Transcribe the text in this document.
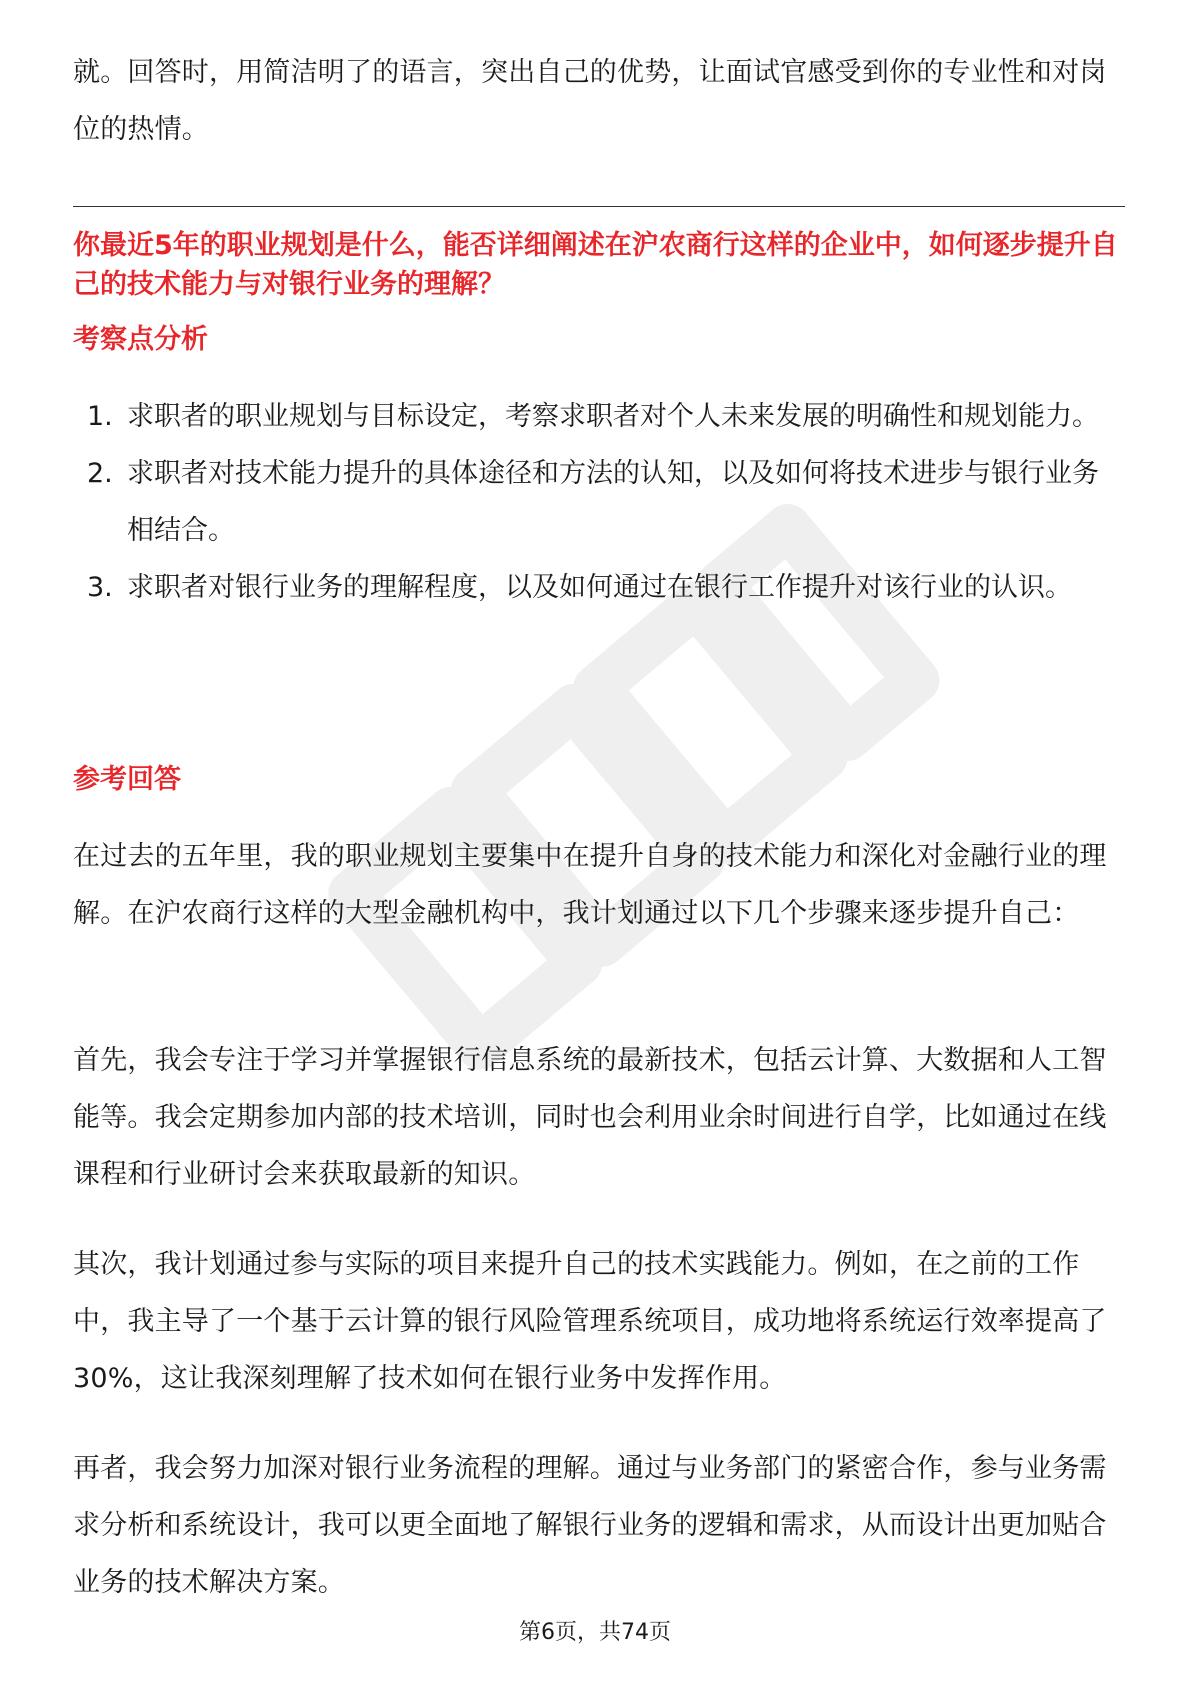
就。回答时，用简洁明了的语言，突出自己的优势，让面试官感受到你的专业性和对岗位的热情。

你最近5年的职业规划是什么，能否详细阐述在沪农商行这样的企业中，如何逐步提升自己的技术能力与对银行业务的理解？
考察点分析
1. 求职者的职业规划与目标设定，考察求职者对个人未来发展的明确性和规划能力。
2. 求职者对技术能力提升的具体途径和方法的认知，以及如何将技术进步与银行业务相结合。
3. 求职者对银行业务的理解程度，以及如何通过在银行工作提升对该行业的认识。
参考回答

在过去的五年里，我的职业规划主要集中在提升自身的技术能力和深化对金融行业的理解。在沪农商行这样的大型金融机构中，我计划通过以下几个步骤来逐步提升自己：

首先，我会专注于学习并掌握银行信息系统的最新技术，包括云计算、大数据和人工智能等。我会定期参加内部的技术培训，同时也会利用业余时间进行自学，比如通过在线课程和行业研讨会来获取最新的知识。

其次，我计划通过参与实际的项目来提升自己的技术实践能力。例如，在之前的工作中，我主导了一个基于云计算的银行风险管理系统项目，成功地将系统运行效率提高了30%，这让我深刻理解了技术如何在银行业务中发挥作用。

再者，我会努力加深对银行业务流程的理解。通过与业务部门的紧密合作，参与业务需求分析和系统设计，我可以更全面地了解银行业务的逻辑和需求，从而设计出更加贴合业务的技术解决方案。

第6页，共74页
